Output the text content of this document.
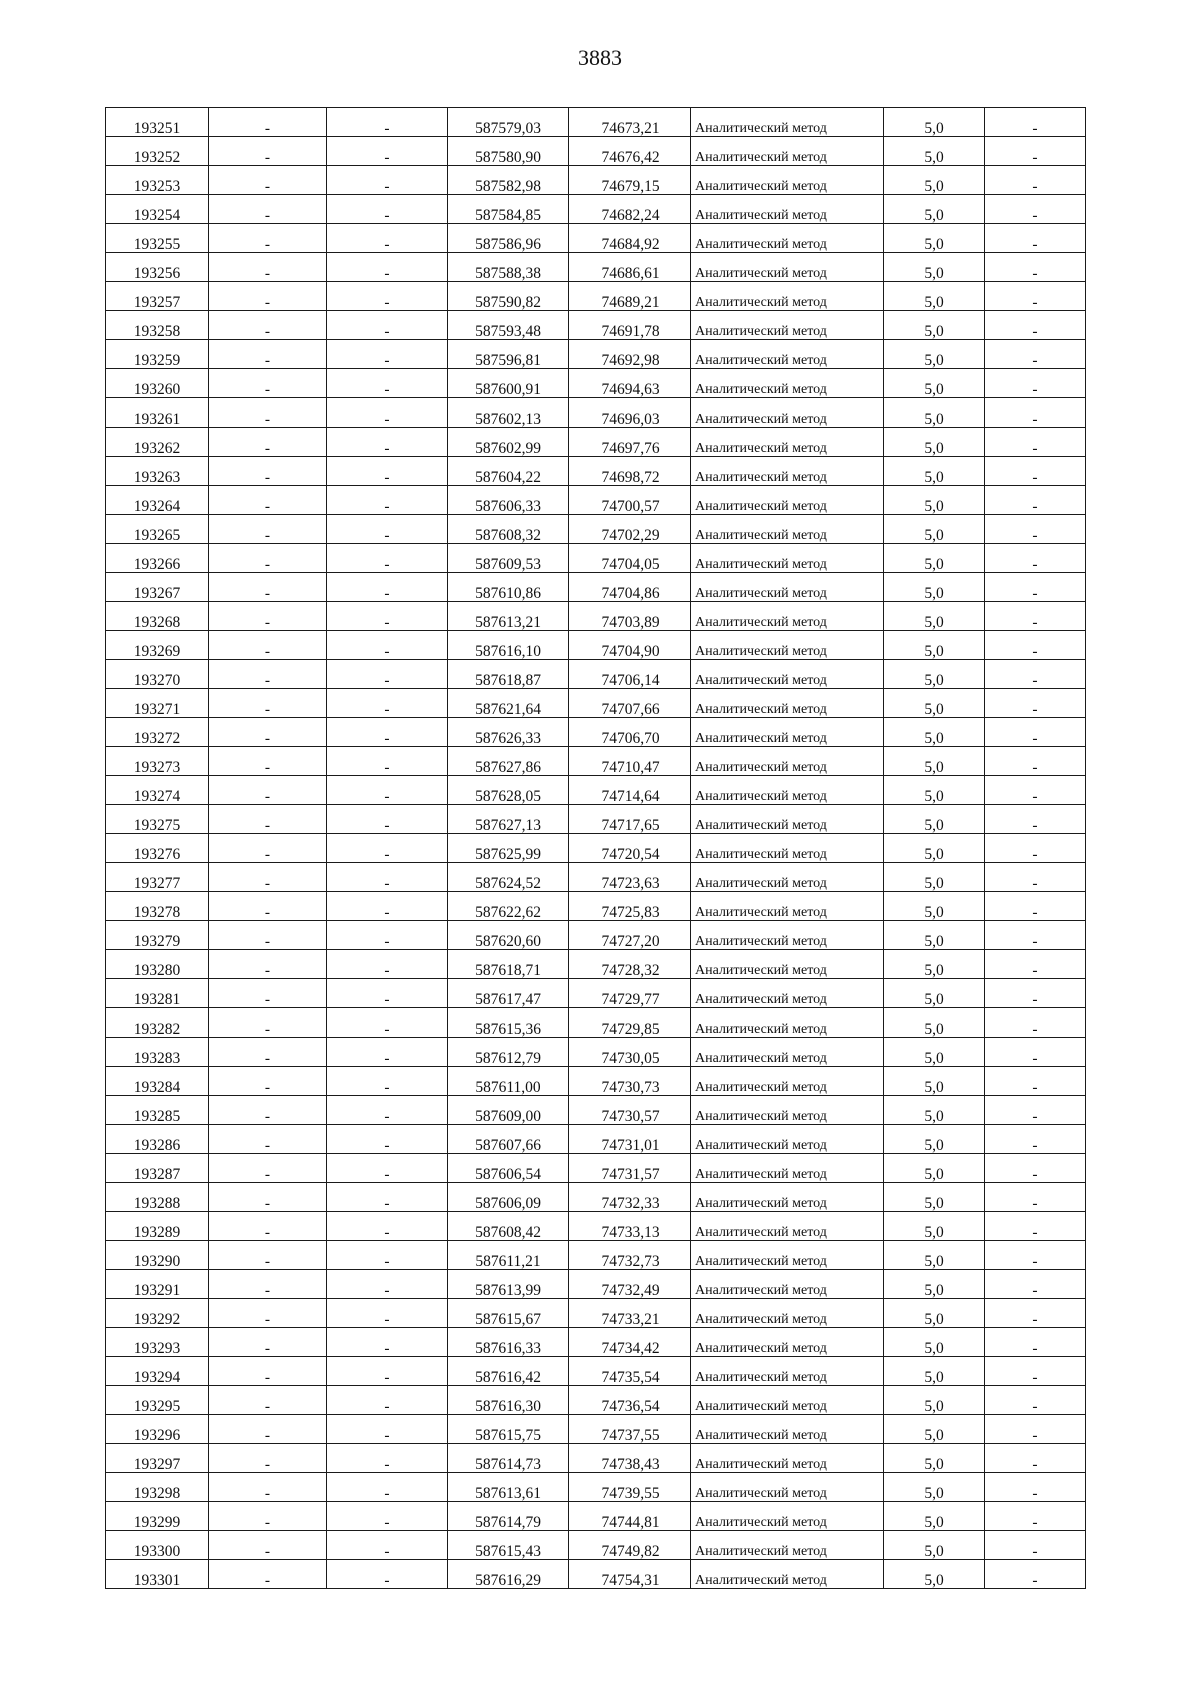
3883
193251	-	-	587579,03	74673,21	Аналитический метод	5,0	-
193252	-	-	587580,90	74676,42	Аналитический метод	5,0	-
193253	-	-	587582,98	74679,15	Аналитический метод	5,0	-
193254	-	-	587584,85	74682,24	Аналитический метод	5,0	-
193255	-	-	587586,96	74684,92	Аналитический метод	5,0	-
193256	-	-	587588,38	74686,61	Аналитический метод	5,0	-
193257	-	-	587590,82	74689,21	Аналитический метод	5,0	-
193258	-	-	587593,48	74691,78	Аналитический метод	5,0	-
193259	-	-	587596,81	74692,98	Аналитический метод	5,0	-
193260	-	-	587600,91	74694,63	Аналитический метод	5,0	-
193261	-	-	587602,13	74696,03	Аналитический метод	5,0	-
193262	-	-	587602,99	74697,76	Аналитический метод	5,0	-
193263	-	-	587604,22	74698,72	Аналитический метод	5,0	-
193264	-	-	587606,33	74700,57	Аналитический метод	5,0	-
193265	-	-	587608,32	74702,29	Аналитический метод	5,0	-
193266	-	-	587609,53	74704,05	Аналитический метод	5,0	-
193267	-	-	587610,86	74704,86	Аналитический метод	5,0	-
193268	-	-	587613,21	74703,89	Аналитический метод	5,0	-
193269	-	-	587616,10	74704,90	Аналитический метод	5,0	-
193270	-	-	587618,87	74706,14	Аналитический метод	5,0	-
193271	-	-	587621,64	74707,66	Аналитический метод	5,0	-
193272	-	-	587626,33	74706,70	Аналитический метод	5,0	-
193273	-	-	587627,86	74710,47	Аналитический метод	5,0	-
193274	-	-	587628,05	74714,64	Аналитический метод	5,0	-
193275	-	-	587627,13	74717,65	Аналитический метод	5,0	-
193276	-	-	587625,99	74720,54	Аналитический метод	5,0	-
193277	-	-	587624,52	74723,63	Аналитический метод	5,0	-
193278	-	-	587622,62	74725,83	Аналитический метод	5,0	-
193279	-	-	587620,60	74727,20	Аналитический метод	5,0	-
193280	-	-	587618,71	74728,32	Аналитический метод	5,0	-
193281	-	-	587617,47	74729,77	Аналитический метод	5,0	-
193282	-	-	587615,36	74729,85	Аналитический метод	5,0	-
193283	-	-	587612,79	74730,05	Аналитический метод	5,0	-
193284	-	-	587611,00	74730,73	Аналитический метод	5,0	-
193285	-	-	587609,00	74730,57	Аналитический метод	5,0	-
193286	-	-	587607,66	74731,01	Аналитический метод	5,0	-
193287	-	-	587606,54	74731,57	Аналитический метод	5,0	-
193288	-	-	587606,09	74732,33	Аналитический метод	5,0	-
193289	-	-	587608,42	74733,13	Аналитический метод	5,0	-
193290	-	-	587611,21	74732,73	Аналитический метод	5,0	-
193291	-	-	587613,99	74732,49	Аналитический метод	5,0	-
193292	-	-	587615,67	74733,21	Аналитический метод	5,0	-
193293	-	-	587616,33	74734,42	Аналитический метод	5,0	-
193294	-	-	587616,42	74735,54	Аналитический метод	5,0	-
193295	-	-	587616,30	74736,54	Аналитический метод	5,0	-
193296	-	-	587615,75	74737,55	Аналитический метод	5,0	-
193297	-	-	587614,73	74738,43	Аналитический метод	5,0	-
193298	-	-	587613,61	74739,55	Аналитический метод	5,0	-
193299	-	-	587614,79	74744,81	Аналитический метод	5,0	-
193300	-	-	587615,43	74749,82	Аналитический метод	5,0	-
193301	-	-	587616,29	74754,31	Аналитический метод	5,0	-
